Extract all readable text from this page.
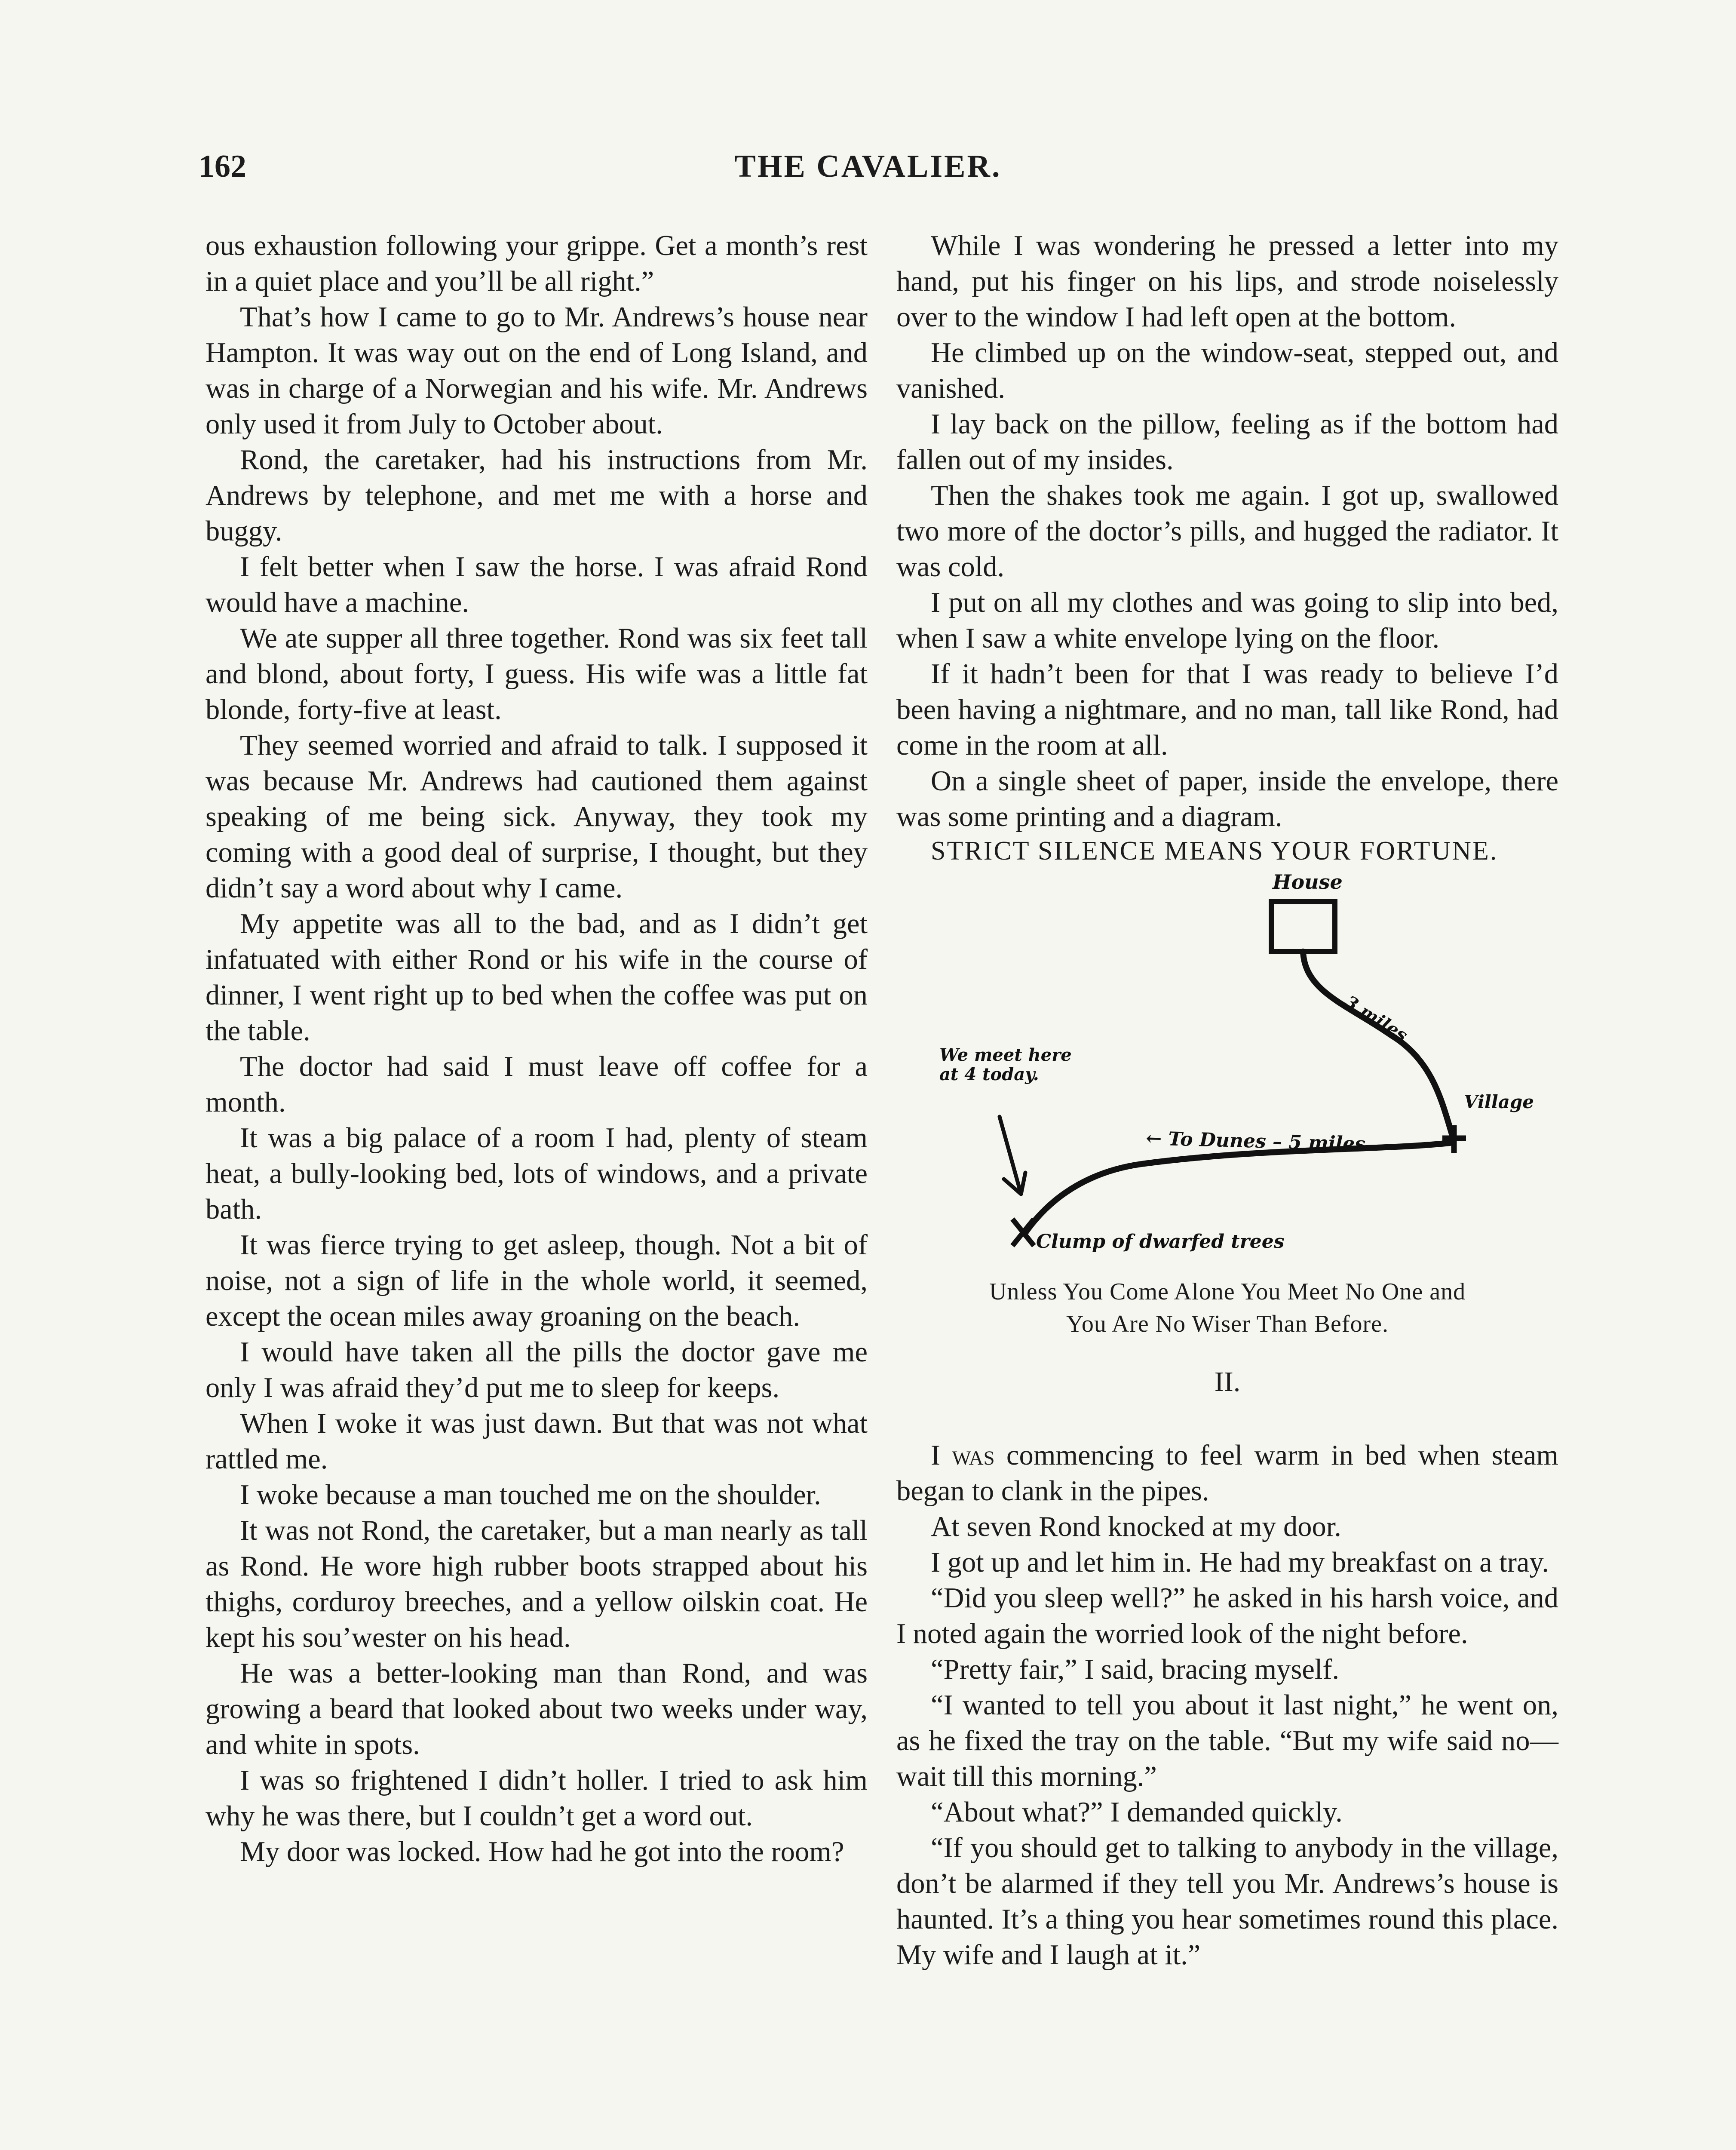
162	THE CAVALIER.

ous exhaustion following your grippe. Get a month’s rest in a quiet place and you’ll be all right.”

That’s how I came to go to Mr. Andrews’s house near Hampton. It was way out on the end of Long Island, and was in charge of a Norwegian and his wife. Mr. Andrews only used it from July to October about.

Rond, the caretaker, had his instructions from Mr. Andrews by telephone, and met me with a horse and buggy.

I felt better when I saw the horse. I was afraid Rond would have a machine.

We ate supper all three together. Rond was six feet tall and blond, about forty, I guess. His wife was a little fat blonde, forty-five at least.

They seemed worried and afraid to talk. I supposed it was because Mr. Andrews had cautioned them against speaking of me being sick. Anyway, they took my coming with a good deal of surprise, I thought, but they didn’t say a word about why I came.

My appetite was all to the bad, and as I didn’t get infatuated with either Rond or his wife in the course of dinner, I went right up to bed when the coffee was put on the table.

The doctor had said I must leave off coffee for a month.

It was a big palace of a room I had, plenty of steam heat, a bully-looking bed, lots of windows, and a private bath.

It was fierce trying to get asleep, though. Not a bit of noise, not a sign of life in the whole world, it seemed, except the ocean miles away groaning on the beach.

I would have taken all the pills the doctor gave me only I was afraid they’d put me to sleep for keeps.

When I woke it was just dawn. But that was not what rattled me.

I woke because a man touched me on the shoulder.

It was not Rond, the caretaker, but a man nearly as tall as Rond. He wore high rubber boots strapped about his thighs, corduroy breeches, and a yellow oilskin coat. He kept his sou’wester on his head.

He was a better-looking man than Rond, and was growing a beard that looked about two weeks under way, and white in spots.

I was so frightened I didn’t holler. I tried to ask him why he was there, but I couldn’t get a word out.

My door was locked. How had he got into the room?

While I was wondering he pressed a letter into my hand, put his finger on his lips, and strode noiselessly over to the window I had left open at the bottom.

He climbed up on the window-seat, stepped out, and vanished.

I lay back on the pillow, feeling as if the bottom had fallen out of my insides.

Then the shakes took me again. I got up, swallowed two more of the doctor’s pills, and hugged the radiator. It was cold.

I put on all my clothes and was going to slip into bed, when I saw a white envelope lying on the floor.

If it hadn’t been for that I was ready to believe I’d been having a nightmare, and no man, tall like Rond, had come in the room at all.

On a single sheet of paper, inside the envelope, there was some printing and a diagram.

STRICT SILENCE MEANS YOUR FORTUNE.

House
3 miles
Village
← To Dunes – 5 miles
We meet here
at 4 today.
Clump of dwarfed trees
Unless You Come Alone You Meet No One and
You Are No Wiser Than Before.
II.

I was commencing to feel warm in bed when steam began to clank in the pipes.

At seven Rond knocked at my door.

I got up and let him in. He had my breakfast on a tray.

“Did you sleep well?” he asked in his harsh voice, and I noted again the worried look of the night before.

“Pretty fair,” I said, bracing myself.

“I wanted to tell you about it last night,” he went on, as he fixed the tray on the table. “But my wife said no—wait till this morning.”

“About what?” I demanded quickly.

“If you should get to talking to anybody in the village, don’t be alarmed if they tell you Mr. Andrews’s house is haunted. It’s a thing you hear sometimes round this place. My wife and I laugh at it.”
